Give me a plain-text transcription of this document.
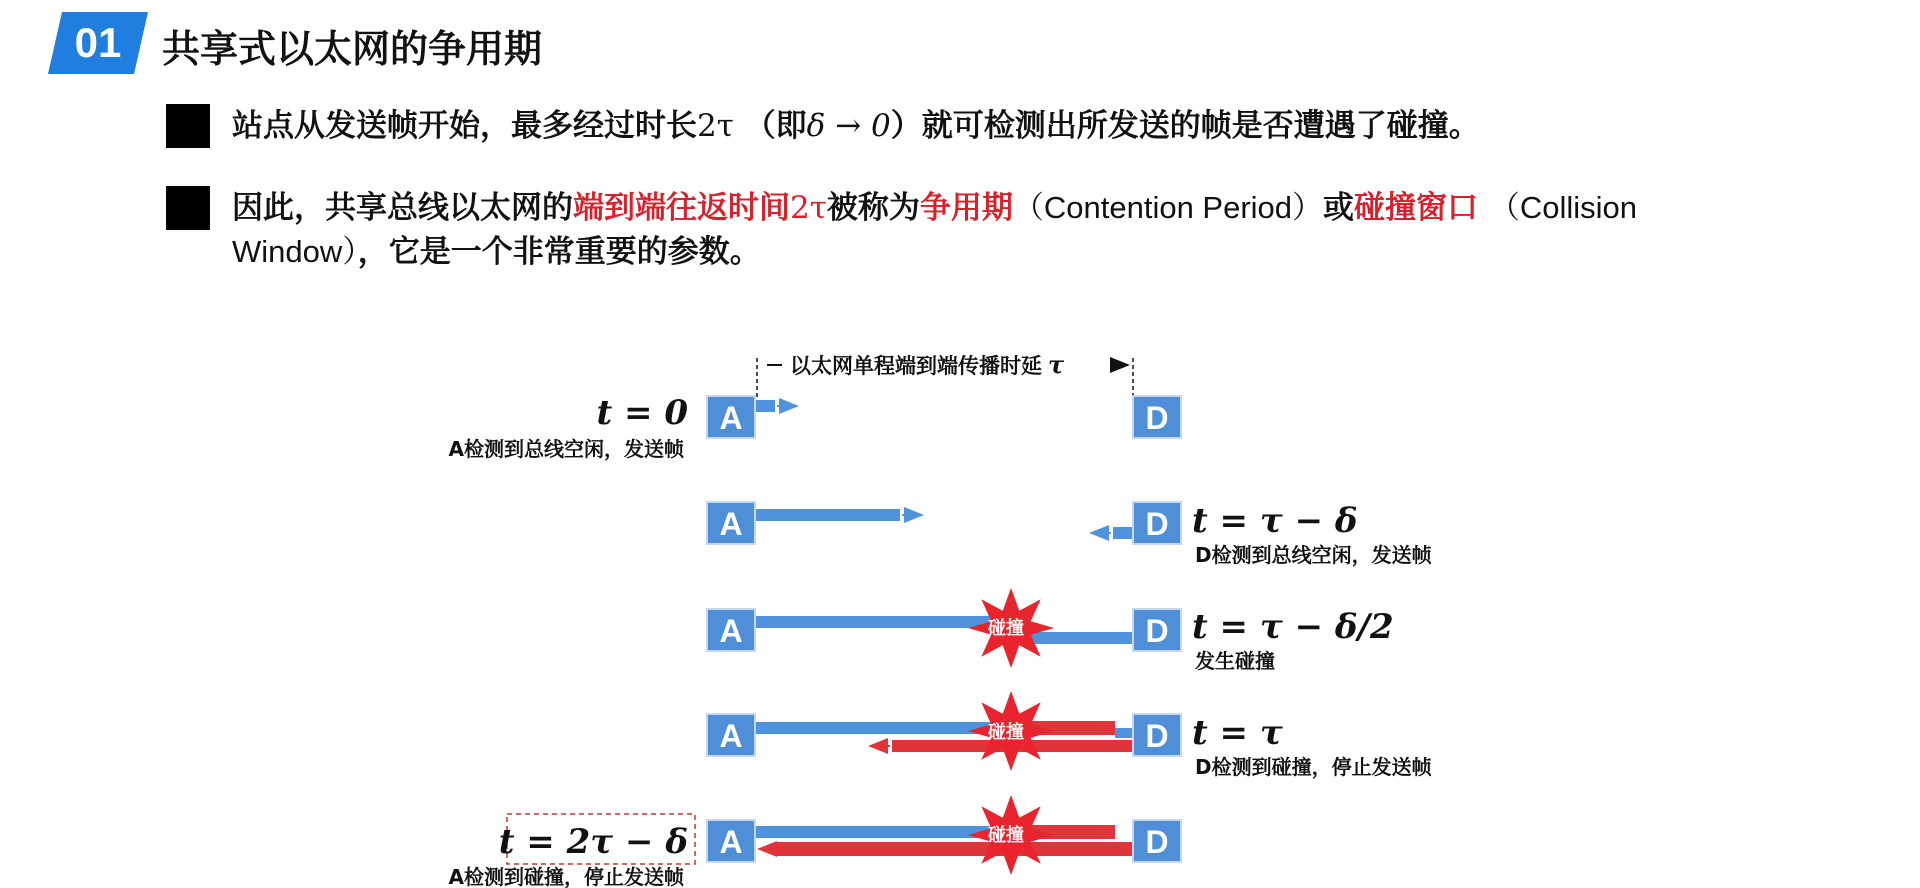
01	共享式以太网的争用期
站点从发送帧开始，最多经过时长2τ （即δ → 0）就可检测出所发送的帧是否遭遇了碰撞。
因此，共享总线以太网的端到端往返时间2τ被称为争用期（Contention Period）或碰撞窗口 （Collision
Window），它是一个非常重要的参数。
以太网单程端到端传播时延 τ
A	D
t = 0
A检测到总线空闲，发送帧
A	D t = τ − δ
D检测到总线空闲，发送帧
碰撞
A	D t = τ − δ/2
发生碰撞
碰撞
A	D t = τ
D检测到碰撞，停止发送帧
碰撞
A	D
t = 2τ − δ
A检测到碰撞，停止发送帧
